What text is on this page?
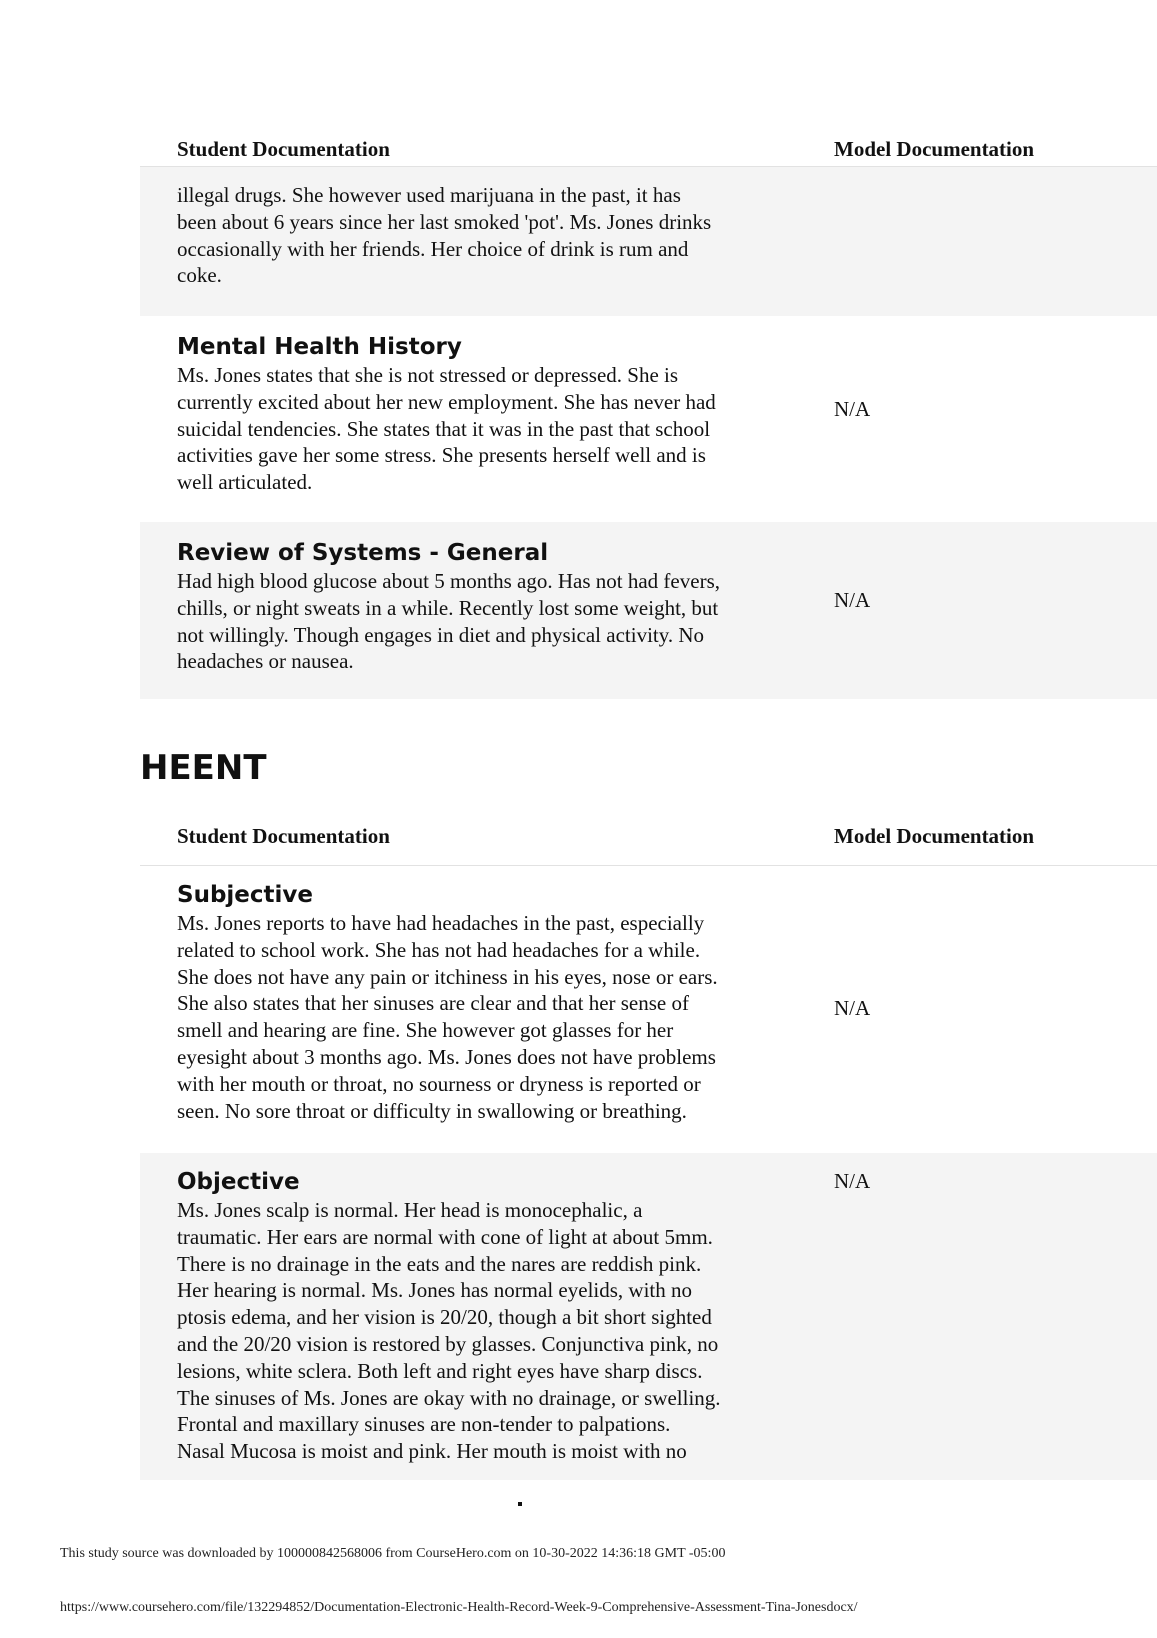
Student Documentation	Model Documentation

illegal drugs. She however used marijuana in the past, it has
been about 6 years since her last smoked 'pot'. Ms. Jones drinks
occasionally with her friends. Her choice of drink is rum and
coke.

Mental Health History

Ms. Jones states that she is not stressed or depressed. She is
currently excited about her new employment. She has never had
suicidal tendencies. She states that it was in the past that school
activities gave her some stress. She presents herself well and is
well articulated.

N/A

Review of Systems - General

Had high blood glucose about 5 months ago. Has not had fevers,
chills, or night sweats in a while. Recently lost some weight, but
not willingly. Though engages in diet and physical activity. No
headaches or nausea.

N/A
HEENT
Student Documentation	Model Documentation

Subjective

Ms. Jones reports to have had headaches in the past, especially
related to school work. She has not had headaches for a while.
She does not have any pain or itchiness in his eyes, nose or ears.
She also states that her sinuses are clear and that her sense of
smell and hearing are fine. She however got glasses for her
eyesight about 3 months ago. Ms. Jones does not have problems
with her mouth or throat, no sourness or dryness is reported or
seen. No sore throat or difficulty in swallowing or breathing.

N/A

Objective

Ms. Jones scalp is normal. Her head is monocephalic, a
traumatic. Her ears are normal with cone of light at about 5mm.
There is no drainage in the eats and the nares are reddish pink.
Her hearing is normal. Ms. Jones has normal eyelids, with no
ptosis edema, and her vision is 20/20, though a bit short sighted
and the 20/20 vision is restored by glasses. Conjunctiva pink, no
lesions, white sclera. Both left and right eyes have sharp discs.
The sinuses of Ms. Jones are okay with no drainage, or swelling.
Frontal and maxillary sinuses are non-tender to palpations.
Nasal Mucosa is moist and pink. Her mouth is moist with no

N/A
This study source was downloaded by 100000842568006 from CourseHero.com on 10-30-2022 14:36:18 GMT -05:00
https://www.coursehero.com/file/132294852/Documentation-Electronic-Health-Record-Week-9-Comprehensive-Assessment-Tina-Jonesdocx/
